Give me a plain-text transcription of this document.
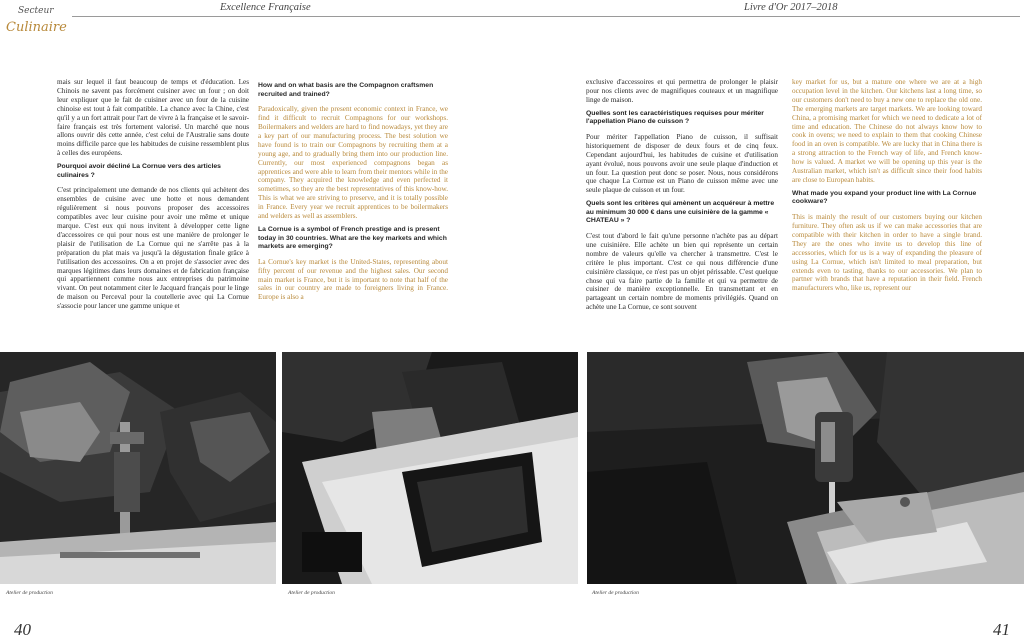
Secteur
Culinaire
Excellence Française	Livre d'Or 2017–2018

mais sur lequel il faut beaucoup de temps et d'éducation. Les Chinois ne savent pas forcément cuisiner avec un four ; on doit leur expliquer que le fait de cuisiner avec un four de la cuisine chinoise est tout à fait compatible. La chance avec la Chine, c'est qu'il y a un fort attrait pour l'art de vivre à la française et le savoir-faire français est très fortement valorisé. Un marché que nous allons ouvrir dès cette année, c'est celui de l'Australie sans doute moins difficile parce que les habitudes de cuisine ressemblent plus à celles des européens.

Pourquoi avoir décliné La Cornue vers des articles culinaires ?

C'est principalement une demande de nos clients qui achètent des ensembles de cuisine avec une hotte et nous demandent régulièrement si nous pouvons proposer des accessoires compatibles avec leur cuisine pour avoir une même et unique marque. C'est eux qui nous invitent à développer cette ligne d'accessoires ce qui pour nous est une manière de prolonger le plaisir de l'utilisation de La Cornue qui ne s'arrête pas à la préparation du plat mais va jusqu'à la dégustation finale grâce à l'utilisation des accessoires. On a en projet de s'associer avec des marques légitimes dans leurs domaines et de fabrication française qui appartiennent comme nous aux entreprises du patrimoine vivant. On peut notamment citer le Jacquard français pour le linge de maison ou Perceval pour la coutellerie avec qui La Cornue s'associe pour lancer une gamme unique et

How and on what basis are the Compagnon craftsmen recruited and trained?

Paradoxically, given the present economic context in France, we find it difficult to recruit Compagnons for our workshops. Boilermakers and welders are hard to find nowadays, yet they are a key part of our manufacturing process. The best solution we have found is to train our Compagnons by recruiting them at a young age, and to gradually bring them into our production line. Currently, our most experienced compagnons began as apprentices and were able to learn from their mentors while in the company. They acquired the knowledge and even perfected it sometimes, so they are the best representatives of this know-how. This is what we are striving to preserve, and it is totally possible in France. Every year we recruit apprentices to be boilermakers and welders as well as assemblers.

La Cornue is a symbol of French prestige and is present today in 30 countries. What are the key markets and which markets are emerging?

La Cornue's key market is the United-States, representing about fifty percent of our revenue and the highest sales. Our second main market is France, but it is important to note that half of the sales in our country are made to foreigners living in France. Europe is also a

exclusive d'accessoires et qui permettra de prolonger le plaisir pour nos clients avec de magnifiques couteaux et un magnifique linge de maison.

Quelles sont les caractéristiques requises pour mériter l'appellation Piano de cuisson ?

Pour mériter l'appellation Piano de cuisson, il suffisait historiquement de disposer de deux fours et de cinq feux. Cependant aujourd'hui, les habitudes de cuisine et d'utilisation ayant évolué, nous pouvons avoir une seule plaque d'induction et un four. La question peut donc se poser. Nous, nous considérons que chaque La Cornue est un Piano de cuisson même avec une seule plaque de cuisson et un four.

Quels sont les critères qui amènent un acquéreur à mettre au minimum 30 000 € dans une cuisinière de la gamme « CHATEAU » ?

C'est tout d'abord le fait qu'une personne n'achète pas au départ une cuisinière. Elle achète un bien qui représente un certain nombre de valeurs qu'elle va chercher à transmettre. C'est le critère le plus important. C'est ce qui nous différencie d'une cuisinière classique, ce n'est pas un objet périssable. C'est quelque chose qui va faire partie de la famille et qui va permettre de cuisiner de manière exceptionnelle. En transmettant et en partageant un certain nombre de moments privilégiés. Quand on achète une La Cornue, ce sont souvent

key market for us, but a mature one where we are at a high occupation level in the kitchen. Our kitchens last a long time, so our customers don't need to buy a new one to replace the old one. The emerging markets are target markets. We are looking toward China, a promising market for which we need to dedicate a lot of time and education. The Chinese do not always know how to cook in ovens; we need to explain to them that cooking Chinese food in an oven is compatible. We are lucky that in China there is a strong attraction to the French way of life, and French know-how is valued. A market we will be opening up this year is the Australian market, which isn't as difficult since their food habits are close to European habits.

What made you expand your product line with La Cornue cookware?

This is mainly the result of our customers buying our kitchen furniture. They often ask us if we can make accessories that are compatible with their kitchen in order to have a single brand. They are the ones who invite us to develop this line of accessories, which for us is a way of expanding the pleasure of using La Cornue, which isn't limited to meal preparation, but extends even to tasting, thanks to our accessories. We plan to partner with brands that have a reputation in their field. French manufacturers who, like us, represent our

Atelier de production	Atelier de production	Atelier de production
40	41
